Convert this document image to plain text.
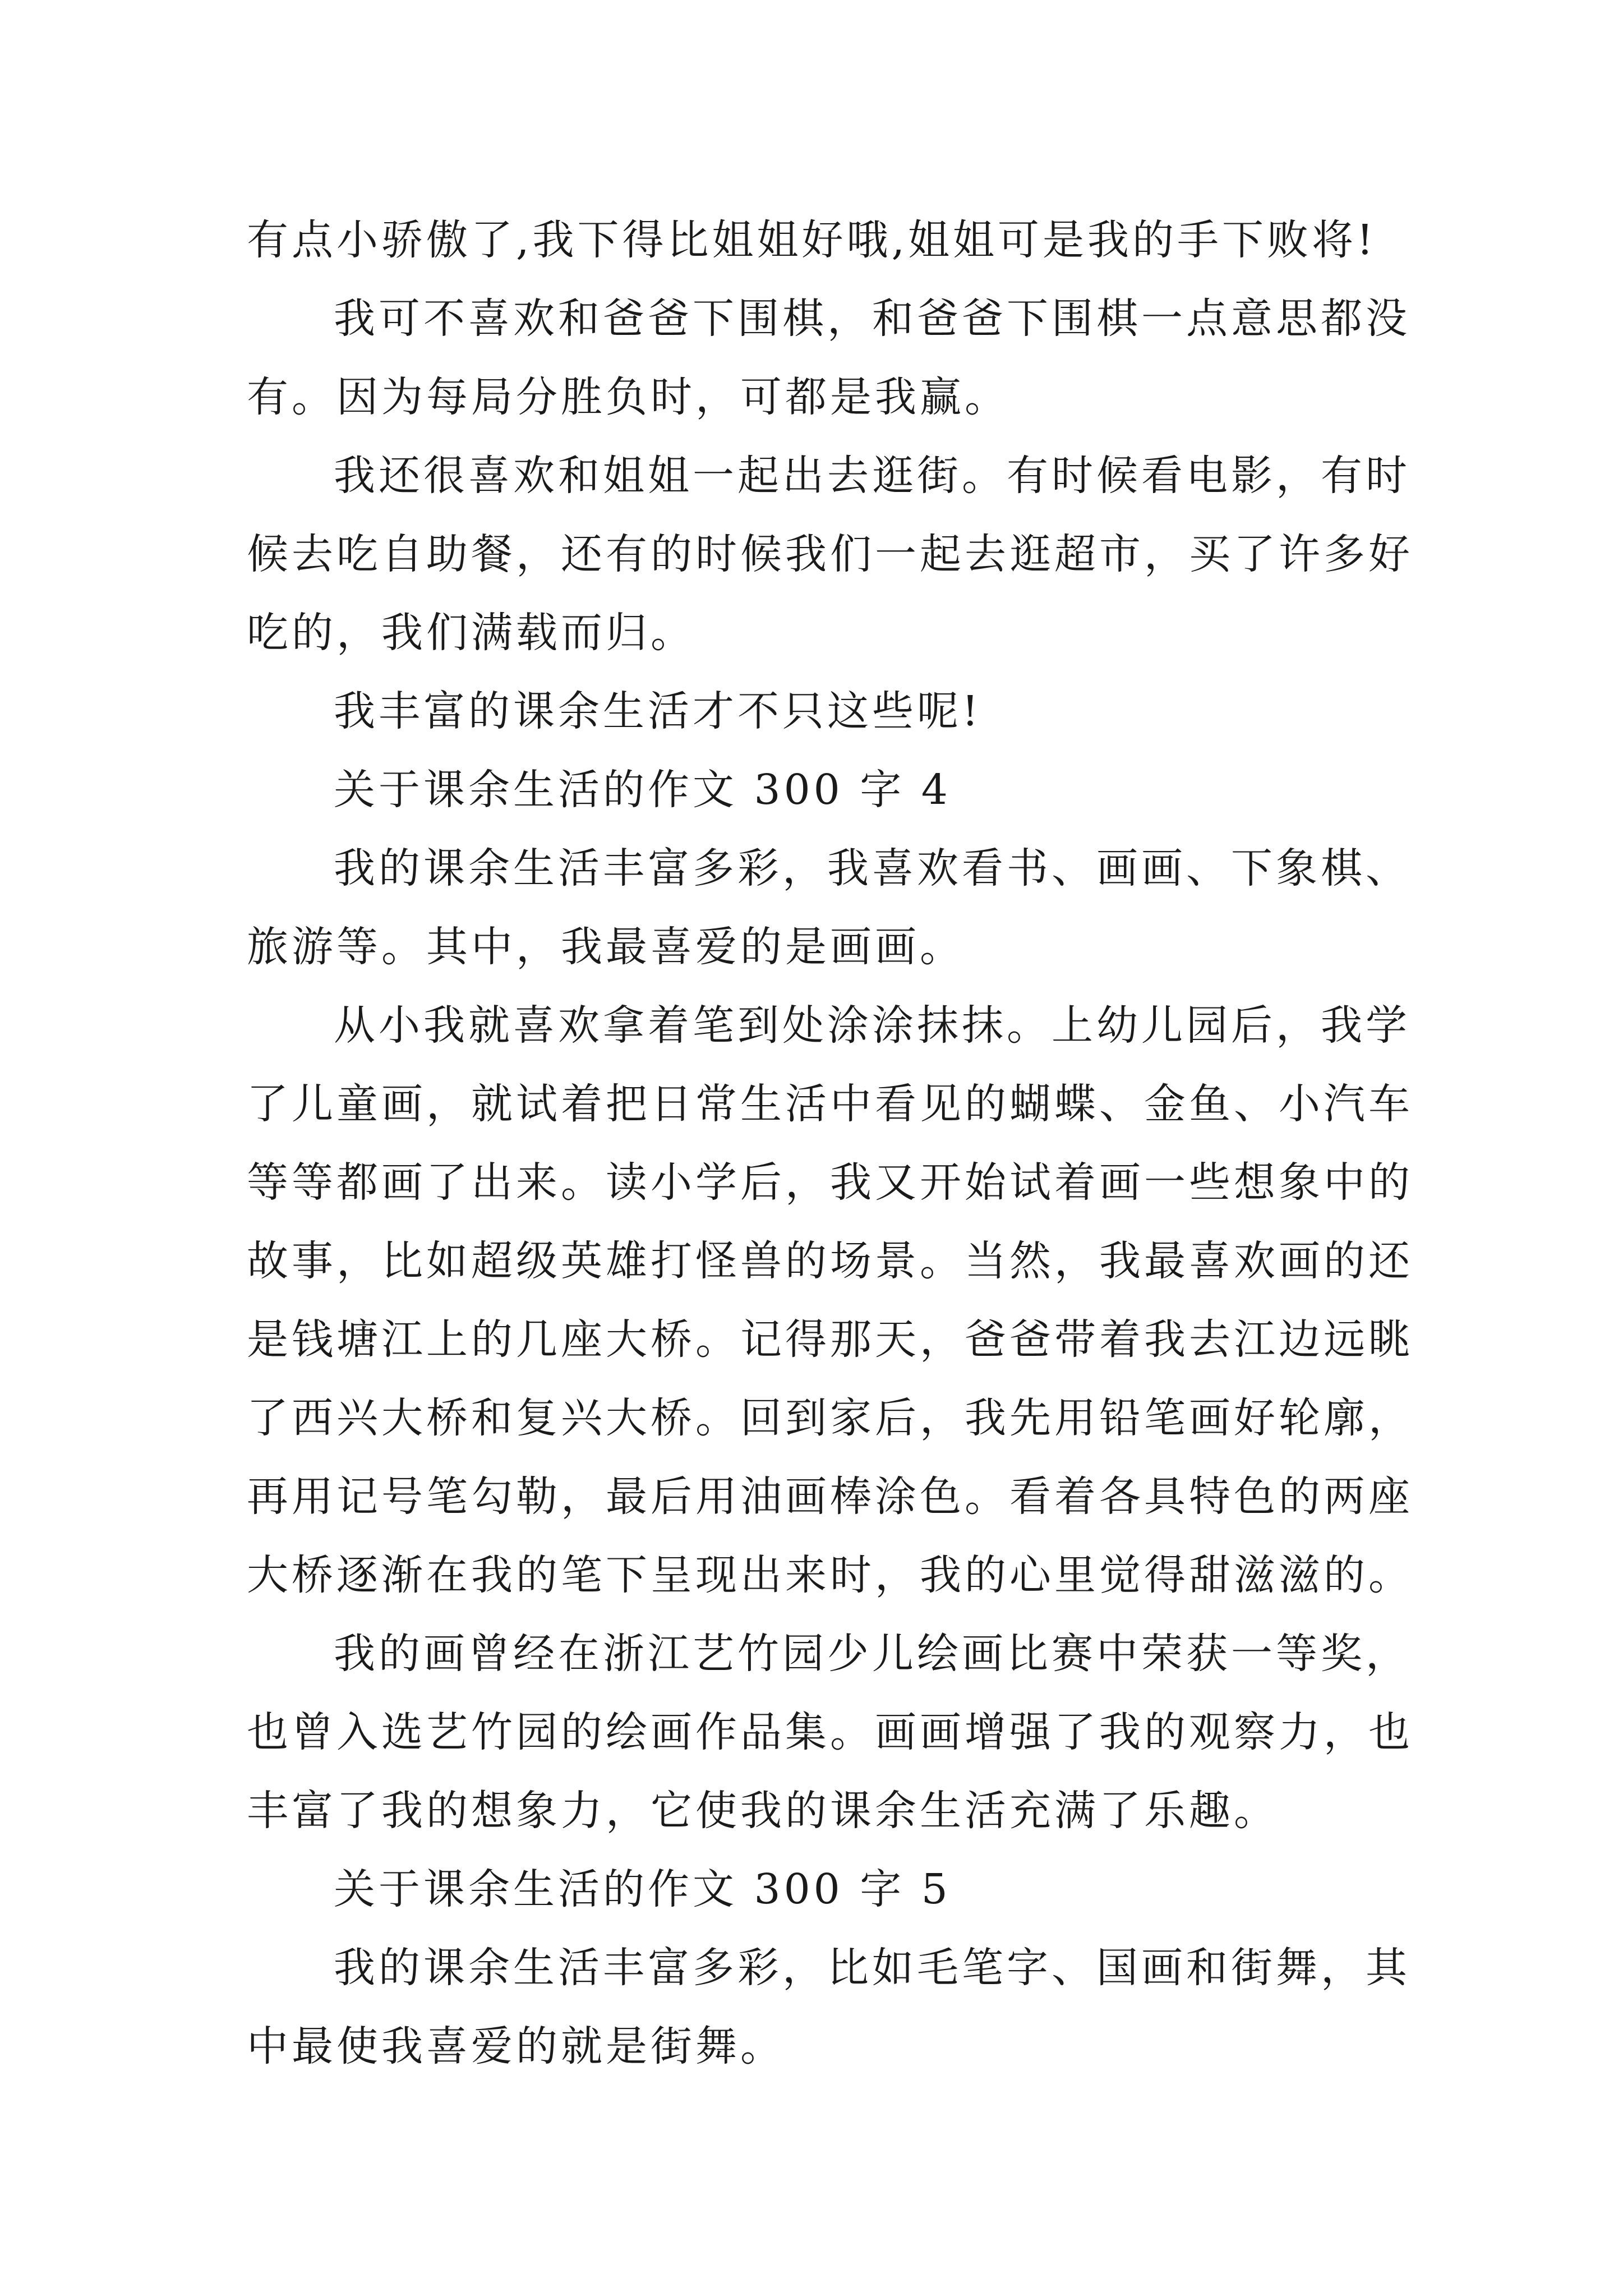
有点小骄傲了,我下得比姐姐好哦,姐姐可是我的手下败将!

我可不喜欢和爸爸下围棋，和爸爸下围棋一点意思都没

有。因为每局分胜负时，可都是我赢。

我还很喜欢和姐姐一起出去逛街。有时候看电影，有时

候去吃自助餐，还有的时候我们一起去逛超市，买了许多好

吃的，我们满载而归。

我丰富的课余生活才不只这些呢!

关于课余生活的作文 300 字 4

我的课余生活丰富多彩，我喜欢看书、画画、下象棋、

旅游等。其中，我最喜爱的是画画。

从小我就喜欢拿着笔到处涂涂抹抹。上幼儿园后，我学

了儿童画，就试着把日常生活中看见的蝴蝶、金鱼、小汽车

等等都画了出来。读小学后，我又开始试着画一些想象中的

故事，比如超级英雄打怪兽的场景。当然，我最喜欢画的还

是钱塘江上的几座大桥。记得那天，爸爸带着我去江边远眺

了西兴大桥和复兴大桥。回到家后，我先用铅笔画好轮廓，

再用记号笔勾勒，最后用油画棒涂色。看着各具特色的两座

大桥逐渐在我的笔下呈现出来时，我的心里觉得甜滋滋的。

我的画曾经在浙江艺竹园少儿绘画比赛中荣获一等奖，

也曾入选艺竹园的绘画作品集。画画增强了我的观察力，也

丰富了我的想象力，它使我的课余生活充满了乐趣。

关于课余生活的作文 300 字 5

我的课余生活丰富多彩，比如毛笔字、国画和街舞，其

中最使我喜爱的就是街舞。
